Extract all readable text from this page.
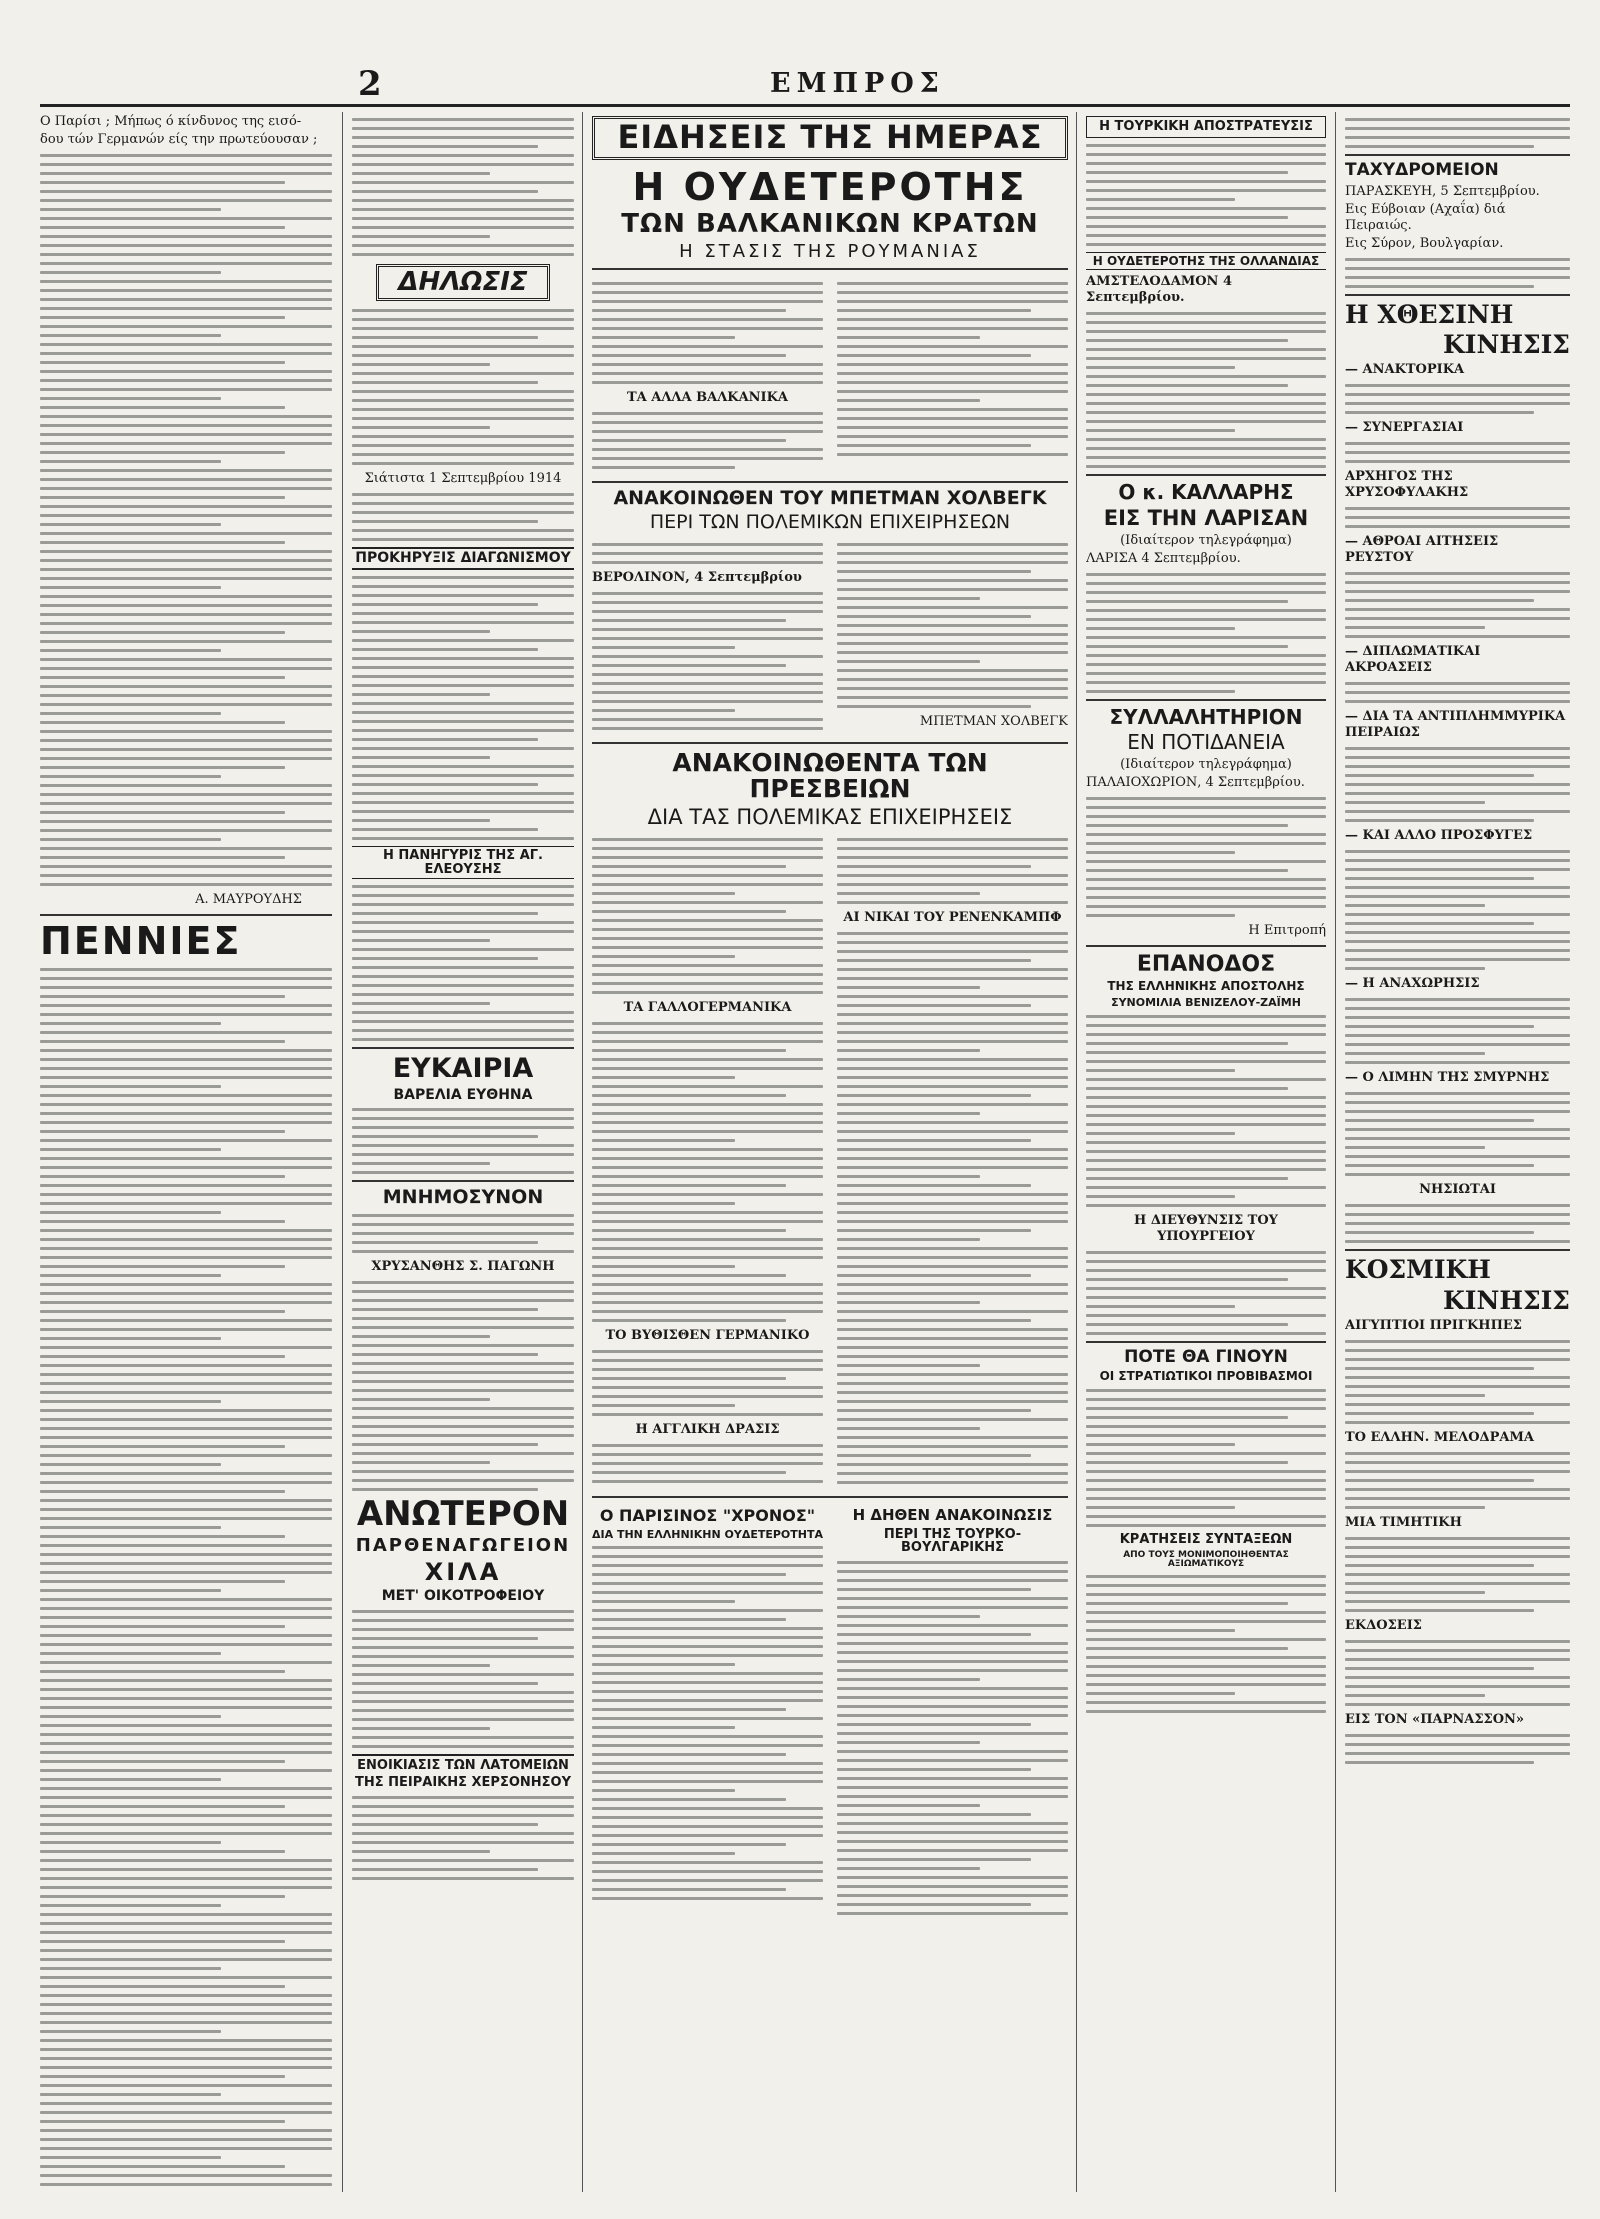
2	ΕΜΠΡΟΣ
Ο Παρίσι ; Μήπως ό κίνδυνος της εισό-
δου τών Γερμανών είς την πρωτεύουσαν ;
Α. ΜΑΥΡΟΥΔΗΣ
ΠΕΝΝΙΕΣ
ΔΗΛΩΣΙΣ
Σιάτιστα 1 Σεπτεμβρίου 1914
ΠΡΟΚΗΡΥΞΙΣ ΔΙΑΓΩΝΙΣΜΟΥ
Η ΠΑΝΗΓΥΡΙΣ ΤΗΣ ΑΓ. ΕΛΕΟΥΣΗΣ
ΕΥΚΑΙΡΙΑ
ΒΑΡΕΛΙΑ ΕΥΘΗΝΑ
ΜΝΗΜΟΣΥΝΟΝ
ΧΡΥΣΑΝΘΗΣ Σ. ΠΑΓΩΝΗ
ΑΝΩΤΕΡΟΝ
ΠΑΡΘΕΝΑΓΩΓΕΙΟΝ
ΧΙΛΑ
ΜΕΤ' ΟΙΚΟΤΡΟΦΕΙΟΥ
ΕΝΟΙΚΙΑΣΙΣ ΤΩΝ ΛΑΤΟΜΕΙΩΝ
ΤΗΣ ΠΕΙΡΑΙΚΗΣ ΧΕΡΣΟΝΗΣΟΥ
ΕΙΔΗΣΕΙΣ ΤΗΣ ΗΜΕΡΑΣ
Η ΟΥΔΕΤΕΡΟΤΗΣ
ΤΩΝ ΒΑΛΚΑΝΙΚΩΝ ΚΡΑΤΩΝ
Η ΣΤΑΣΙΣ ΤΗΣ ΡΟΥΜΑΝΙΑΣ
ΤΑ ΑΛΛΑ ΒΑΛΚΑΝΙΚΑ
ΑΝΑΚΟΙΝΩΘΕΝ ΤΟΥ ΜΠΕΤΜΑΝ ΧΟΛΒΕΓΚ
ΠΕΡΙ ΤΩΝ ΠΟΛΕΜΙΚΩΝ ΕΠΙΧΕΙΡΗΣΕΩΝ
ΒΕΡΟΛΙΝΟΝ, 4 Σεπτεμβρίου
ΜΠΕΤΜΑΝ ΧΟΛΒΕΓΚ
ΑΝΑΚΟΙΝΩΘΕΝΤΑ ΤΩΝ ΠΡΕΣΒΕΙΩΝ
ΔΙΑ ΤΑΣ ΠΟΛΕΜΙΚΑΣ ΕΠΙΧΕΙΡΗΣΕΙΣ
ΤΑ ΓΑΛΛΟΓΕΡΜΑΝΙΚΑ
ΤΟ ΒΥΘΙΣΘΕΝ ΓΕΡΜΑΝΙΚΟ
Η ΑΓΓΛΙΚΗ ΔΡΑΣΙΣ
ΑΙ ΝΙΚΑΙ ΤΟΥ ΡΕΝΕΝΚΑΜΠΦ
Ο ΠΑΡΙΣΙΝΟΣ "ΧΡΟΝΟΣ"
ΔΙΑ ΤΗΝ ΕΛΛΗΝΙΚΗΝ ΟΥΔΕΤΕΡΟΤΗΤΑ
Η ΔΗΘΕΝ ΑΝΑΚΟΙΝΩΣΙΣ
ΠΕΡΙ ΤΗΣ ΤΟΥΡΚΟ-ΒΟΥΛΓΑΡΙΚΗΣ
Η ΤΟΥΡΚΙΚΗ ΑΠΟΣΤΡΑΤΕΥΣΙΣ
Η ΟΥΔΕΤΕΡΟΤΗΣ ΤΗΣ ΟΛΛΑΝΔΙΑΣ
ΑΜΣΤΕΛΟΔΑΜΟΝ 4 Σεπτεμβρίου.
Ο κ. ΚΑΛΛΑΡΗΣ
ΕΙΣ ΤΗΝ ΛΑΡΙΣΑΝ
(Ιδιαίτερον τηλεγράφημα)
ΛΑΡΙΣΑ 4 Σεπτεμβρίου.
ΣΥΛΛΑΛΗΤΗΡΙΟΝ
ΕΝ ΠΟΤΙΔΑΝΕΙΑ
(Ιδιαίτερον τηλεγράφημα)
ΠΑΛΑΙΟΧΩΡΙΟΝ, 4 Σεπτεμβρίου.
Η Επιτροπή
ΕΠΑΝΟΔΟΣ
ΤΗΣ ΕΛΛΗΝΙΚΗΣ ΑΠΟΣΤΟΛΗΣ
ΣΥΝΟΜΙΛΙΑ ΒΕΝΙΖΕΛΟΥ-ΖΑΪΜΗ
Η ΔΙΕΥΘΥΝΣΙΣ ΤΟΥ ΥΠΟΥΡΓΕΙΟΥ
ΠΟΤΕ ΘΑ ΓΙΝΟΥΝ
ΟΙ ΣΤΡΑΤΙΩΤΙΚΟΙ ΠΡΟΒΙΒΑΣΜΟΙ
ΚΡΑΤΗΣΕΙΣ ΣΥΝΤΑΞΕΩΝ
ΑΠΟ ΤΟΥΣ ΜΟΝΙΜΟΠΟΙΗΘΕΝΤΑΣ ΑΞΙΩΜΑΤΙΚΟΥΣ
ΤΑΧΥΔΡΟΜΕΙΟΝ
ΠΑΡΑΣΚΕΥΗ, 5 Σεπτεμβρίου.
Εις Εύβοιαν (Αχαΐα) διά Πειραιώς.
Εις Σύρον, Βουλγαρίαν.
Η ΧΘΕΣΙΝΗ
ΚΙΝΗΣΙΣ
— ΑΝΑΚΤΟΡΙΚΑ
— ΣΥΝΕΡΓΑΣΙΑΙ
ΑΡΧΗΓΟΣ ΤΗΣ ΧΡΥΣΟΦΥΛΑΚΗΣ
— ΑΘΡΟΑΙ ΑΙΤΗΣΕΙΣ ΡΕΥΣΤΟΥ
— ΔΙΠΛΩΜΑΤΙΚΑΙ ΑΚΡΟΑΣΕΙΣ
— ΔΙΑ ΤΑ ΑΝΤΙΠΛΗΜΜΥΡΙΚΑ ΠΕΙΡΑΙΩΣ
— ΚΑΙ ΑΛΛΟ ΠΡΟΣΦΥΓΕΣ
— Η ΑΝΑΧΩΡΗΣΙΣ
— Ο ΛΙΜΗΝ ΤΗΣ ΣΜΥΡΝΗΣ
ΝΗΣΙΩΤΑΙ
ΚΟΣΜΙΚΗ
ΚΙΝΗΣΙΣ
ΑΙΓΥΠΤΙΟΙ ΠΡΙΓΚΗΠΕΣ
ΤΟ ΕΛΛΗΝ. ΜΕΛΟΔΡΑΜΑ
ΜΙΑ ΤΙΜΗΤΙΚΗ
ΕΚΔΟΣΕΙΣ
ΕΙΣ ΤΟΝ «ΠΑΡΝΑΣΣΟΝ»
